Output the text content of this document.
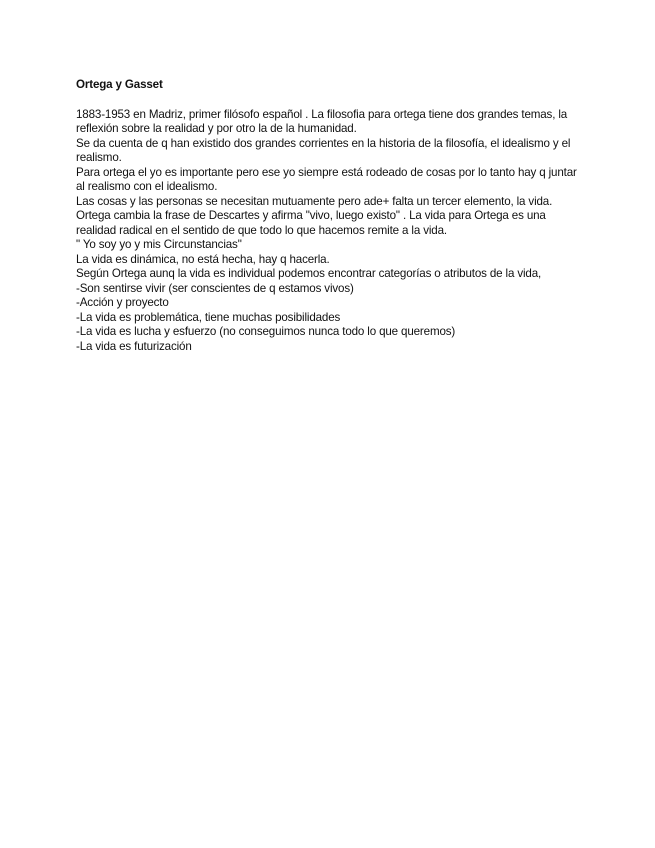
Ortega y Gasset

1883-1953 en Madriz, primer filósofo español . La filosofia para ortega tiene dos grandes temas, la reflexión sobre la realidad y por otro la de la humanidad.

Se da cuenta de q han existido dos grandes corrientes en la historia de la filosofía, el idealismo y el realismo.

Para ortega el yo es importante pero ese yo siempre está rodeado de cosas por lo tanto hay q juntar al realismo con el idealismo.

Las cosas y las personas se necesitan mutuamente pero ade+ falta un tercer elemento, la vida.

Ortega cambia la frase de Descartes y afirma "vivo, luego existo" . La vida para Ortega es una realidad radical en el sentido de que todo lo que hacemos remite a la vida.

" Yo soy yo y mis Circunstancias"

La vida es dinámica, no está hecha, hay q hacerla.

Según Ortega aunq la vida es individual podemos encontrar categorías o atributos de la vida,

-Son sentirse vivir (ser conscientes de q estamos vivos)

-Acción y proyecto

-La vida es problemática, tiene muchas posibilidades

-La vida es lucha y esfuerzo (no conseguimos nunca todo lo que queremos)

-La vida es futurización
